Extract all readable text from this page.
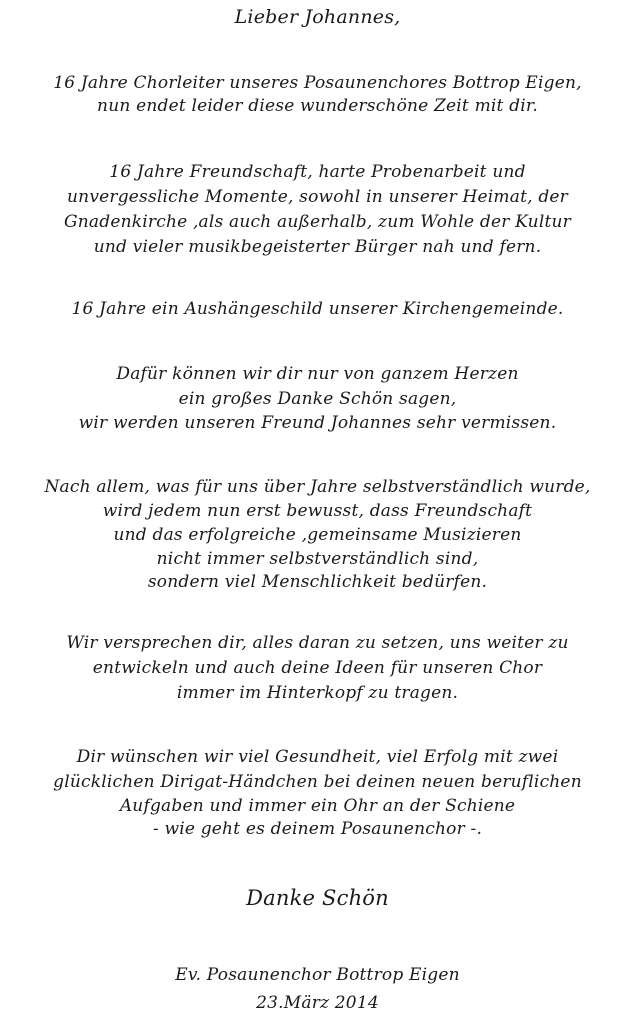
Lieber Johannes,
16 Jahre Chorleiter unseres Posaunenchores Bottrop Eigen,
nun endet leider diese wunderschöne Zeit mit dir.
16 Jahre Freundschaft, harte Probenarbeit und
unvergessliche Momente, sowohl in unserer Heimat, der
Gnadenkirche ,als auch außerhalb, zum Wohle der Kultur
und vieler musikbegeisterter Bürger nah und fern.
16 Jahre ein Aushängeschild unserer Kirchengemeinde.
Dafür können wir dir nur von ganzem Herzen
ein großes Danke Schön sagen,
wir werden unseren Freund Johannes sehr vermissen.
Nach allem, was für uns über Jahre selbstverständlich wurde,
wird jedem nun erst bewusst, dass Freundschaft
und das erfolgreiche ,gemeinsame Musizieren
nicht immer selbstverständlich sind,
sondern viel Menschlichkeit bedürfen.
Wir versprechen dir, alles daran zu setzen, uns weiter zu
entwickeln und auch deine Ideen für unseren Chor
immer im Hinterkopf zu tragen.
Dir wünschen wir viel Gesundheit, viel Erfolg mit zwei
glücklichen Dirigat-Händchen bei deinen neuen beruflichen
Aufgaben und immer ein Ohr an der Schiene
- wie geht es deinem Posaunenchor -.
Danke Schön
Ev. Posaunenchor Bottrop Eigen
23.März 2014
